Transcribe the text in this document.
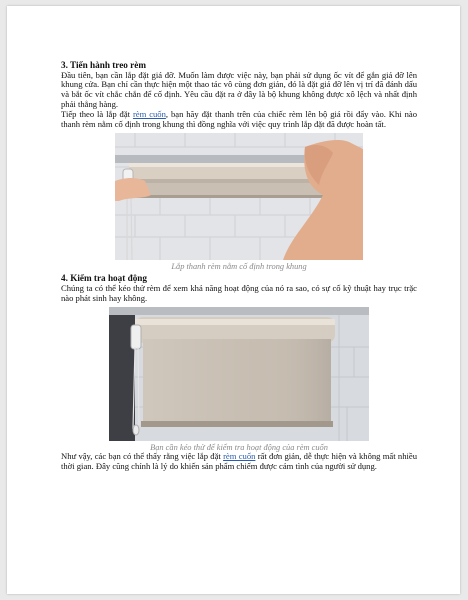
3. Tiến hành treo rèm

Đầu tiên, bạn cần lắp đặt giá đỡ. Muốn làm được việc này, bạn phải sử dụng ốc vít để gắn giá đỡ lên khung cửa. Bạn chỉ cần thực hiện một thao tác vô cùng đơn giản, đó là đặt giá đỡ lên vị trí đã đánh dấu và bắt ốc vít chắc chắn để cố định. Yêu cầu đặt ra ở đây là bộ khung không được xô lệch và nhất định phải thẳng hàng.

Tiếp theo là lắp đặt rèm cuốn, bạn hãy đặt thanh trên của chiếc rèm lên bộ giá rồi đẩy vào. Khi nào thanh rèm nằm cố định trong khung thì đồng nghĩa với việc quy trình lắp đặt đã được hoàn tất.

Lắp thanh rèm nằm cố định trong khung
4. Kiểm tra hoạt động

Chúng ta có thể kéo thử rèm để xem khả năng hoạt động của nó ra sao, có sự cố kỹ thuật hay trục trặc nào phát sinh hay không.

Bạn cần kéo thử để kiểm tra hoạt động của rèm cuốn

Như vậy, các bạn có thể thấy rằng việc lắp đặt rèm cuốn rất đơn giản, dễ thực hiện và không mất nhiều thời gian. Đây cũng chính là lý do khiến sản phẩm chiếm được cảm tình của người sử dụng.
